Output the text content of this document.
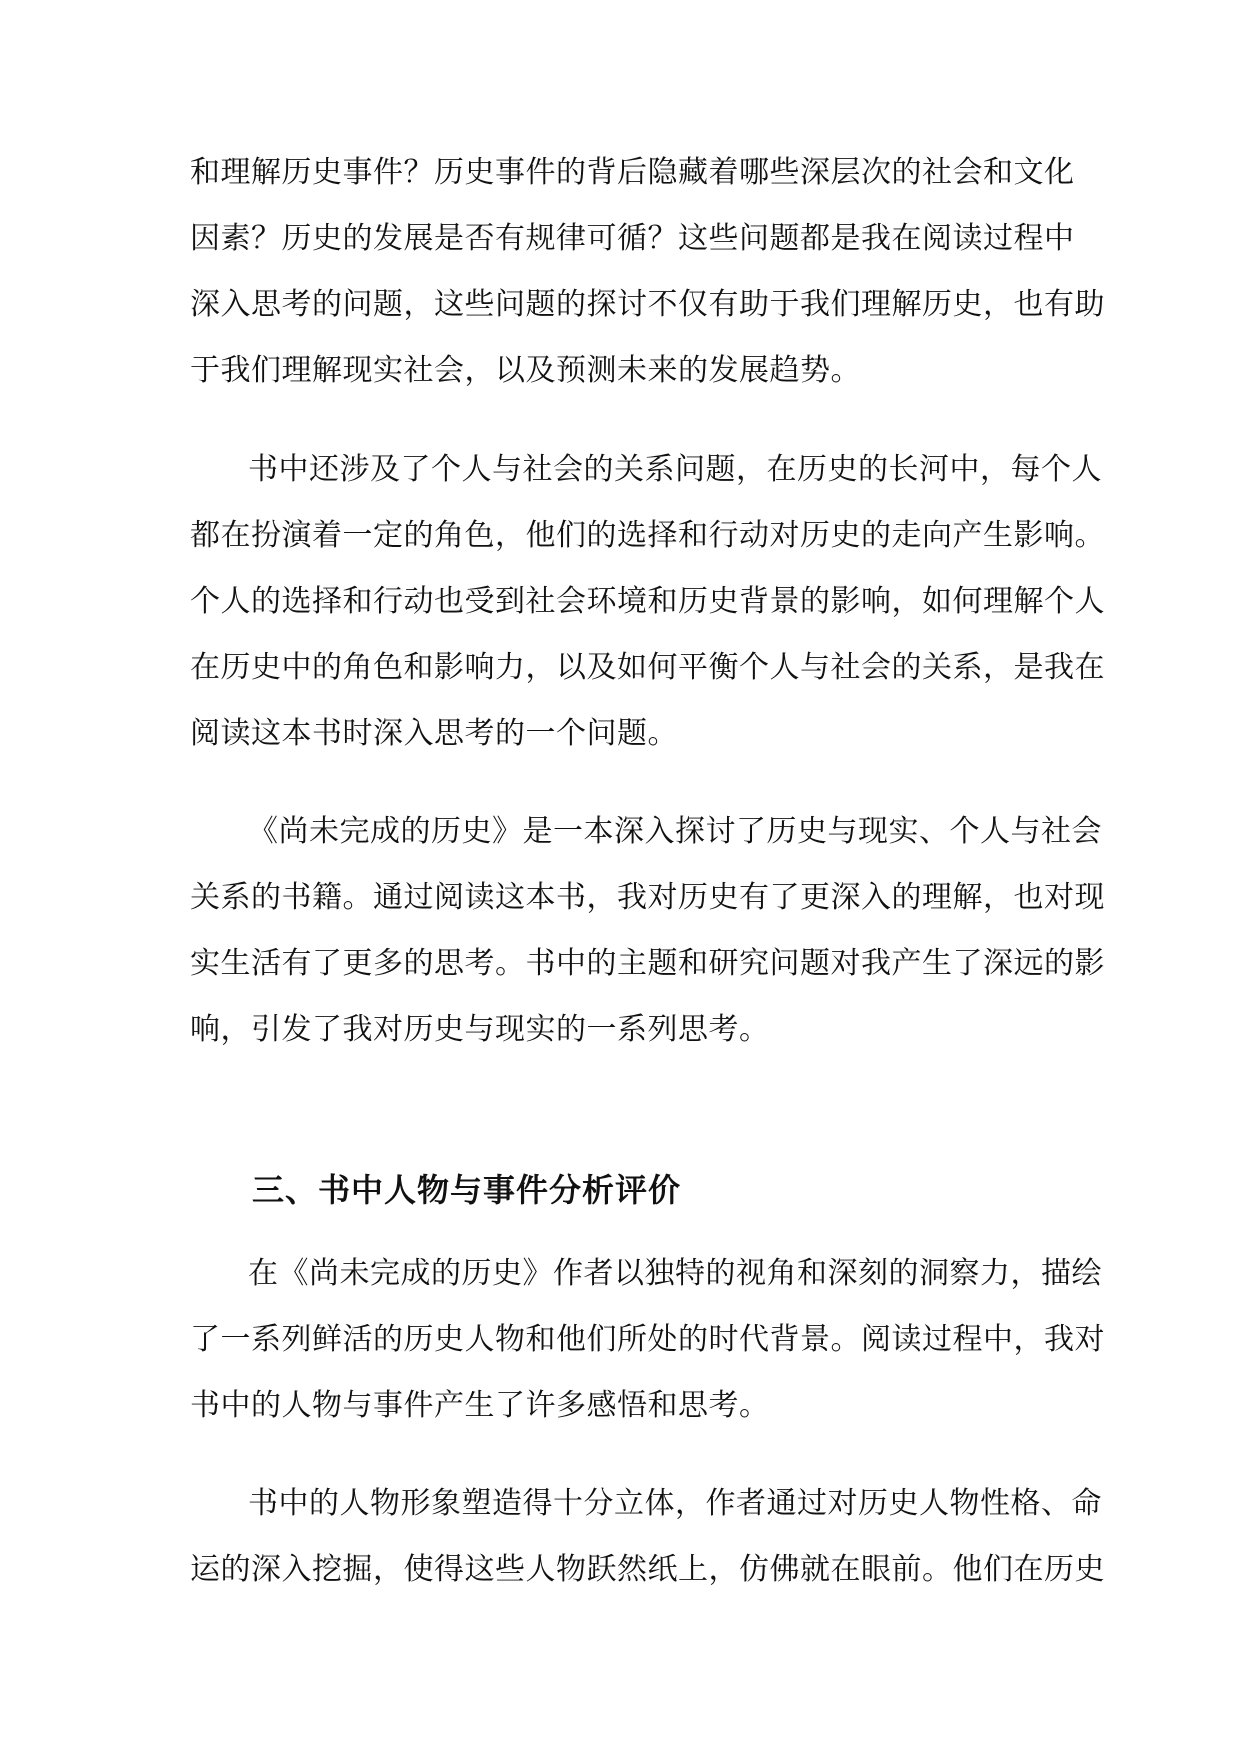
和理解历史事件？历史事件的背后隐藏着哪些深层次的社会和文化
因素？历史的发展是否有规律可循？这些问题都是我在阅读过程中
深入思考的问题，这些问题的探讨不仅有助于我们理解历史，也有助
于我们理解现实社会，以及预测未来的发展趋势。
书中还涉及了个人与社会的关系问题，在历史的长河中，每个人
都在扮演着一定的角色，他们的选择和行动对历史的走向产生影响。
个人的选择和行动也受到社会环境和历史背景的影响，如何理解个人
在历史中的角色和影响力，以及如何平衡个人与社会的关系，是我在
阅读这本书时深入思考的一个问题。
《尚未完成的历史》是一本深入探讨了历史与现实、个人与社会
关系的书籍。通过阅读这本书，我对历史有了更深入的理解，也对现
实生活有了更多的思考。书中的主题和研究问题对我产生了深远的影
响，引发了我对历史与现实的一系列思考。
三、书中人物与事件分析评价
在《尚未完成的历史》作者以独特的视角和深刻的洞察力，描绘
了一系列鲜活的历史人物和他们所处的时代背景。阅读过程中，我对
书中的人物与事件产生了许多感悟和思考。
书中的人物形象塑造得十分立体，作者通过对历史人物性格、命
运的深入挖掘，使得这些人物跃然纸上，仿佛就在眼前。他们在历史
